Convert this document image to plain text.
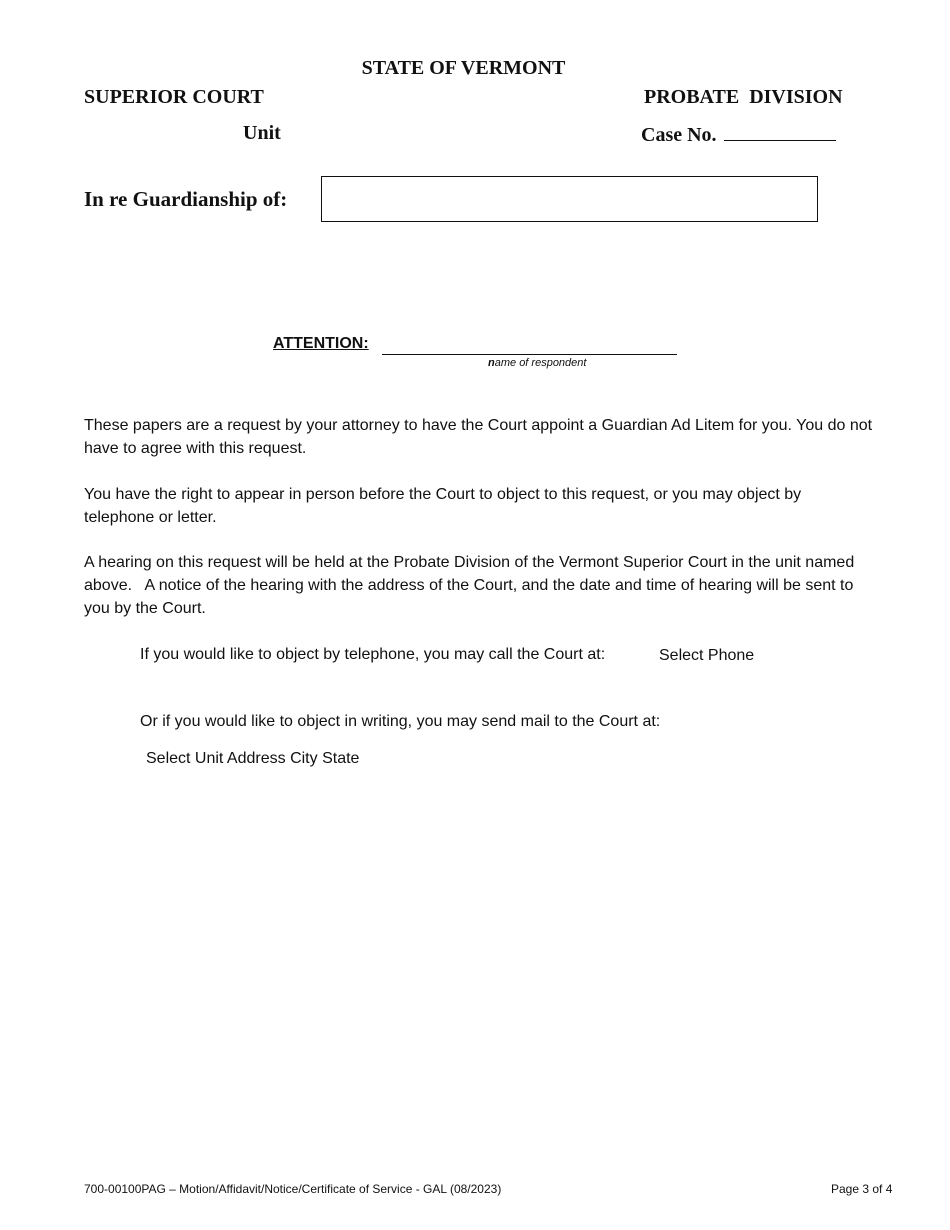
STATE OF VERMONT
SUPERIOR COURT	PROBATE  DIVISION
Unit	Case No.
In re Guardianship of:
ATTENTION:
name of respondent

These papers are a request by your attorney to have the Court appoint a Guardian Ad Litem for you. You do not have to agree with this request.

You have the right to appear in person before the Court to object to this request, or you may object by telephone or letter.

A hearing on this request will be held at the Probate Division of the Vermont Superior Court in the unit named above.   A notice of the hearing with the address of the Court, and the date and time of hearing will be sent to you by the Court.

If you would like to object by telephone, you may call the Court at:	Select Phone
Or if you would like to object in writing, you may send mail to the Court at:
Select Unit Address City State
700-00100PAG – Motion/Affidavit/Notice/Certificate of Service - GAL (08/2023)	Page 3 of 4
